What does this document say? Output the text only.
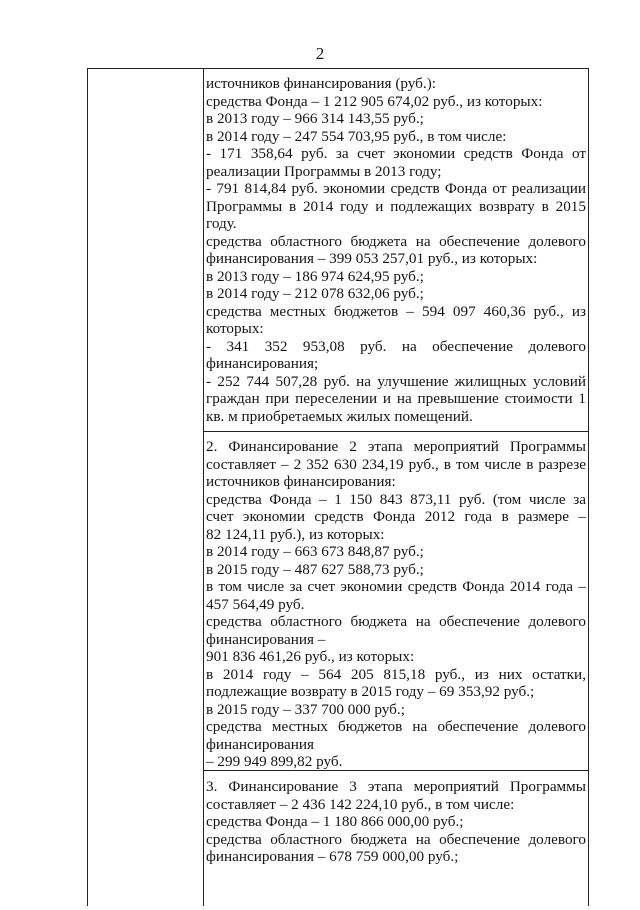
2
источников финансирования (руб.):
средства Фонда – 1 212 905 674,02 руб., из которых:
в 2013 году – 966 314 143,55 руб.;
в 2014 году – 247 554 703,95 руб., в том числе:
- 171 358,64 руб. за счет экономии средств Фонда от
реализации Программы в 2013 году;
- 791 814,84 руб. экономии средств Фонда от реализации
Программы в 2014 году и подлежащих возврату в 2015
году.
средства областного бюджета на обеспечение долевого
финансирования – 399 053 257,01 руб., из которых:
в 2013 году – 186 974 624,95 руб.;
в 2014 году – 212 078 632,06 руб.;
средства местных бюджетов – 594 097 460,36 руб., из
которых:
- 341 352 953,08 руб. на обеспечение долевого
финансирования;
- 252 744 507,28 руб. на улучшение жилищных условий
граждан при переселении и на превышение стоимости 1
кв. м приобретаемых жилых помещений.
2. Финансирование 2 этапа мероприятий Программы
составляет – 2 352 630 234,19 руб., в том числе в разрезе
источников финансирования:
средства Фонда – 1 150 843 873,11 руб. (том числе за
счет экономии средств Фонда 2012 года в размере –
82 124,11 руб.), из которых:
в 2014 году – 663 673 848,87 руб.;
в 2015 году – 487 627 588,73 руб.;
в том числе за счет экономии средств Фонда 2014 года –
457 564,49 руб.
средства областного бюджета на обеспечение долевого
финансирования –
901 836 461,26 руб., из которых:
в 2014 году – 564 205 815,18 руб., из них остатки,
подлежащие возврату в 2015 году – 69 353,92 руб.;
в 2015 году – 337 700 000 руб.;
средства местных бюджетов на обеспечение долевого
финансирования
– 299 949 899,82 руб.
3. Финансирование 3 этапа мероприятий Программы
составляет – 2 436 142 224,10 руб., в том числе:
средства Фонда – 1 180 866 000,00 руб.;
средства областного бюджета на обеспечение долевого
финансирования – 678 759 000,00 руб.;
